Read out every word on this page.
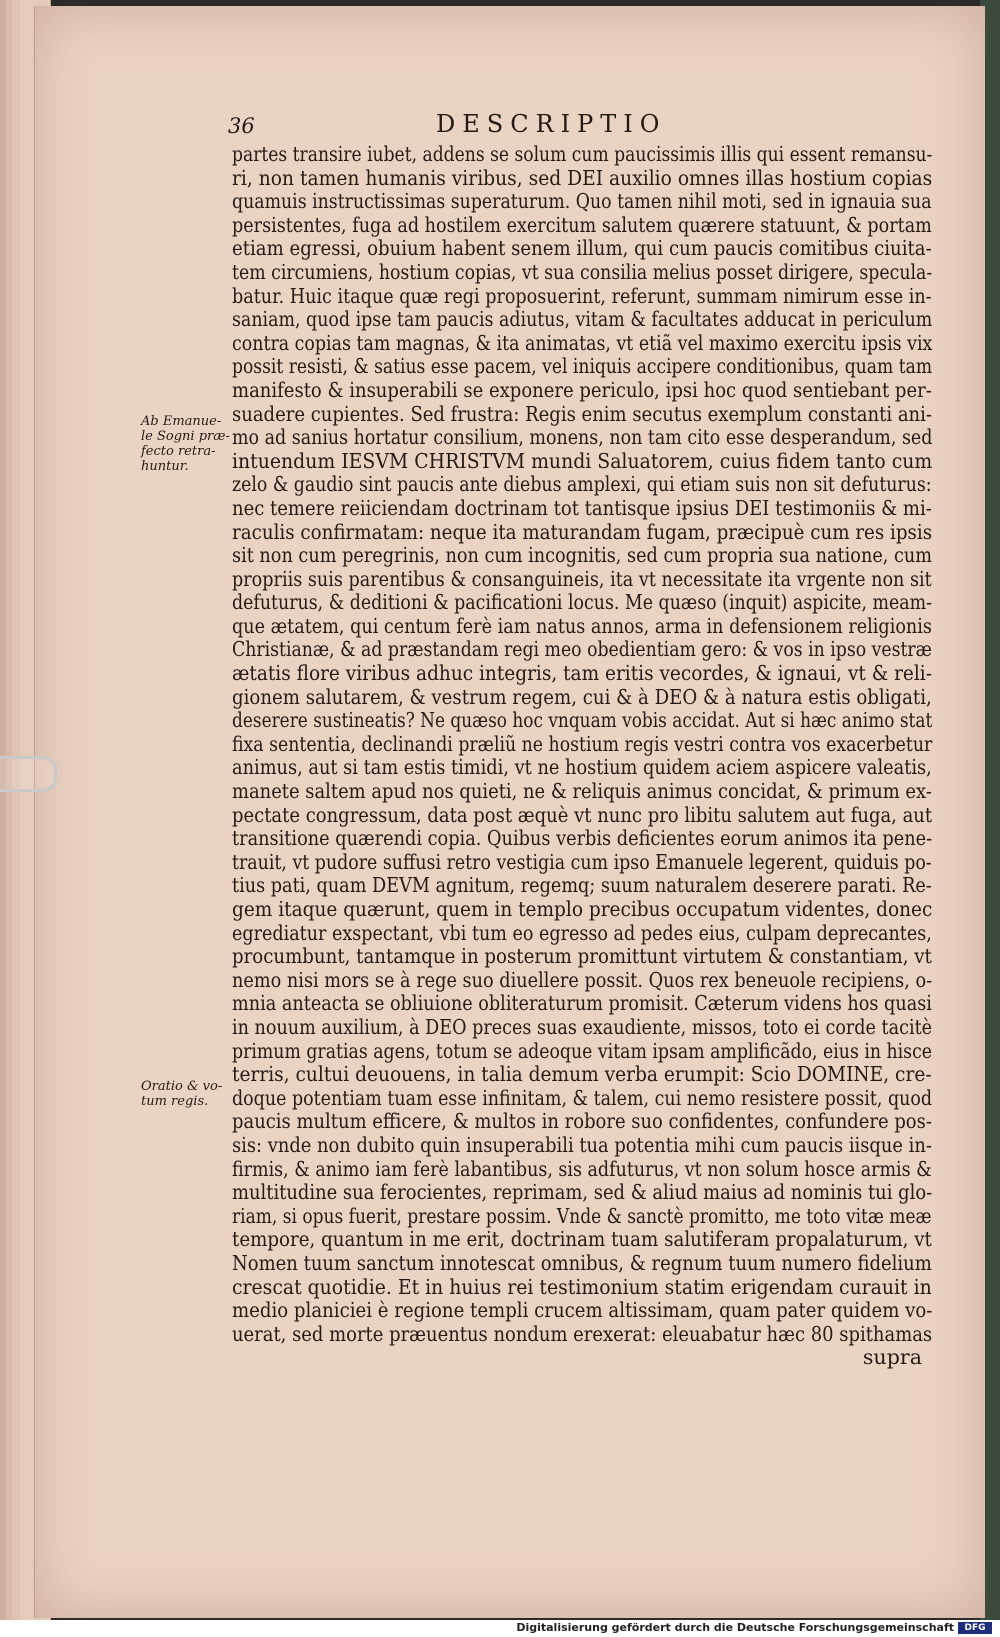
36	DESCRIPTIO
Ab Emanue-
le Sogni præ-
fecto retra-
huntur.
Oratio & vo-
tum regis.
partes transire iubet, addens se solum cum paucissimis illis qui essent remansu-
ri, non tamen humanis viribus, sed DEI auxilio omnes illas hostium copias
quamuis instructissimas superaturum. Quo tamen nihil moti, sed in ignauia sua
persistentes, fuga ad hostilem exercitum salutem quærere statuunt, & portam
etiam egressi, obuium habent senem illum, qui cum paucis comitibus ciuita-
tem circumiens, hostium copias, vt sua consilia melius posset dirigere, specula-
batur. Huic itaque quæ regi proposuerint, referunt, summam nimirum esse in-
saniam, quod ipse tam paucis adiutus, vitam & facultates adducat in periculum
contra copias tam magnas, & ita animatas, vt etiã vel maximo exercitu ipsis vix
possit resisti, & satius esse pacem, vel iniquis accipere conditionibus, quam tam
manifesto & insuperabili se exponere periculo, ipsi hoc quod sentiebant per-
suadere cupientes. Sed frustra: Regis enim secutus exemplum constanti ani-
mo ad sanius hortatur consilium, monens, non tam cito esse desperandum, sed
intuendum IESVM CHRISTVM mundi Saluatorem, cuius fidem tanto cum
zelo & gaudio sint paucis ante diebus amplexi, qui etiam suis non sit defuturus:
nec temere reiiciendam doctrinam tot tantisque ipsius DEI testimoniis & mi-
raculis confirmatam: neque ita maturandam fugam, præcipuè cum res ipsis
sit non cum peregrinis, non cum incognitis, sed cum propria sua natione, cum
propriis suis parentibus & consanguineis, ita vt necessitate ita vrgente non sit
defuturus, & deditioni & pacificationi locus. Me quæso (inquit) aspicite, meam-
que ætatem, qui centum ferè iam natus annos, arma in defensionem religionis
Christianæ, & ad præstandam regi meo obedientiam gero: & vos in ipso vestræ
ætatis flore viribus adhuc integris, tam eritis vecordes, & ignaui, vt & reli-
gionem salutarem, & vestrum regem, cui & à DEO & à natura estis obligati,
deserere sustineatis? Ne quæso hoc vnquam vobis accidat. Aut si hæc animo stat
fixa sententia, declinandi præliũ ne hostium regis vestri contra vos exacerbetur
animus, aut si tam estis timidi, vt ne hostium quidem aciem aspicere valeatis,
manete saltem apud nos quieti, ne & reliquis animus concidat, & primum ex-
pectate congressum, data post æquè vt nunc pro libitu salutem aut fuga, aut
transitione quærendi copia. Quibus verbis deficientes eorum animos ita pene-
trauit, vt pudore suffusi retro vestigia cum ipso Emanuele legerent, quiduis po-
tius pati, quam DEVM agnitum, regemq; suum naturalem deserere parati. Re-
gem itaque quærunt, quem in templo precibus occupatum videntes, donec
egrediatur exspectant, vbi tum eo egresso ad pedes eius, culpam deprecantes,
procumbunt, tantamque in posterum promittunt virtutem & constantiam, vt
nemo nisi mors se à rege suo diuellere possit. Quos rex beneuole recipiens, o-
mnia anteacta se obliuione obliteraturum promisit. Cæterum videns hos quasi
in nouum auxilium, à DEO preces suas exaudiente, missos, toto ei corde tacitè
primum gratias agens, totum se adeoque vitam ipsam amplificãdo, eius in hisce
terris, cultui deuouens, in talia demum verba erumpit: Scio DOMINE, cre-
doque potentiam tuam esse infinitam, & talem, cui nemo resistere possit, quod
paucis multum efficere, & multos in robore suo confidentes, confundere pos-
sis: vnde non dubito quin insuperabili tua potentia mihi cum paucis iisque in-
firmis, & animo iam ferè labantibus, sis adfuturus, vt non solum hosce armis &
multitudine sua ferocientes, reprimam, sed & aliud maius ad nominis tui glo-
riam, si opus fuerit, prestare possim. Vnde & sanctè promitto, me toto vitæ meæ
tempore, quantum in me erit, doctrinam tuam salutiferam propalaturum, vt
Nomen tuum sanctum innotescat omnibus, & regnum tuum numero fidelium
crescat quotidie. Et in huius rei testimonium statim erigendam curauit in
medio planiciei è regione templi crucem altissimam, quam pater quidem vo-
uerat, sed morte præuentus nondum erexerat: eleuabatur hæc 80 spithamas
supra
Digitalisierung gefördert durch die Deutsche Forschungsgemeinschaft	DFG
